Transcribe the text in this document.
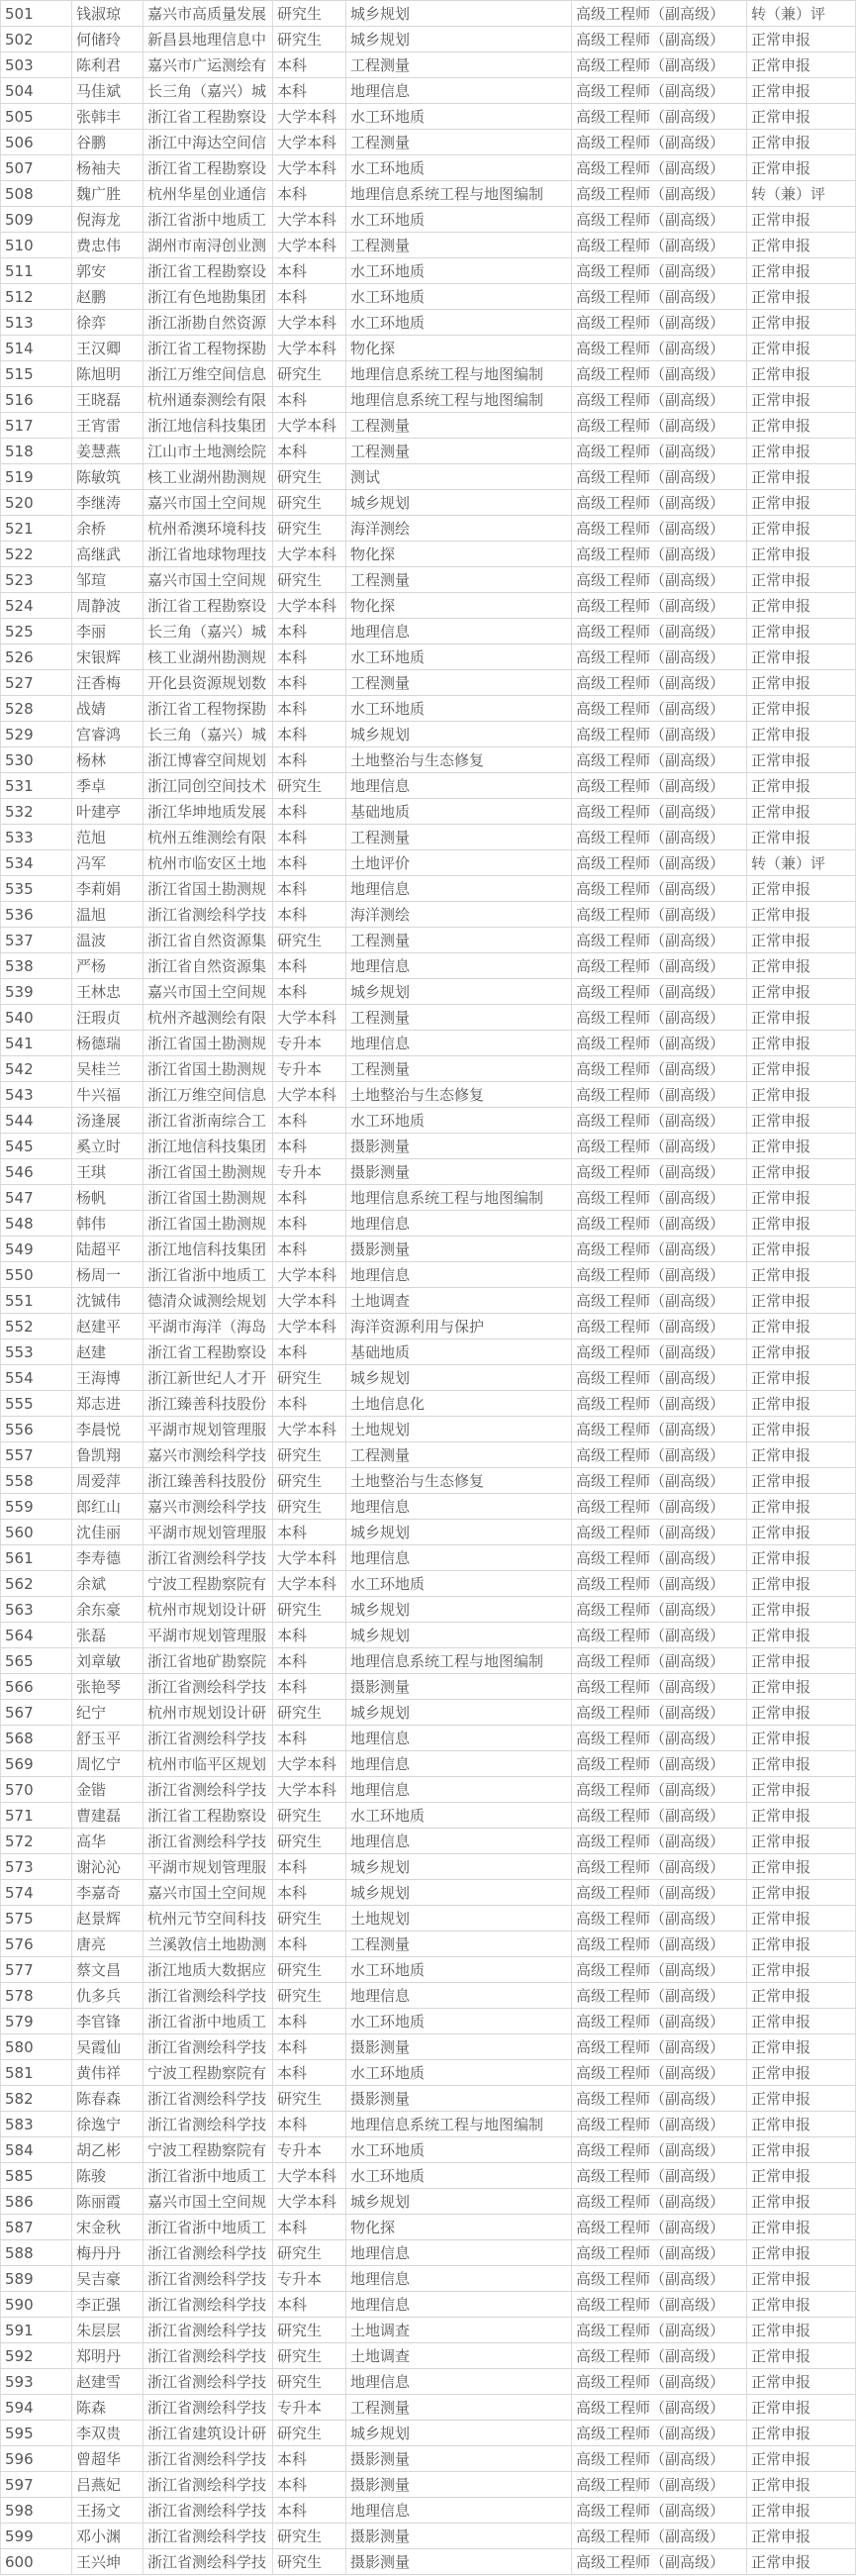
501	钱淑琼	嘉兴市高质量发展	研究生	城乡规划	高级工程师（副高级）	转（兼）评
502	何储玲	新昌县地理信息中	研究生	城乡规划	高级工程师（副高级）	正常申报
503	陈利君	嘉兴市广运测绘有	本科	工程测量	高级工程师（副高级）	正常申报
504	马佳斌	长三角（嘉兴）城	本科	地理信息	高级工程师（副高级）	正常申报
505	张韩丰	浙江省工程勘察设	大学本科	水工环地质	高级工程师（副高级）	正常申报
506	谷鹏	浙江中海达空间信	大学本科	工程测量	高级工程师（副高级）	正常申报
507	杨袖夫	浙江省工程勘察设	大学本科	水工环地质	高级工程师（副高级）	正常申报
508	魏广胜	杭州华星创业通信	本科	地理信息系统工程与地图编制	高级工程师（副高级）	转（兼）评
509	倪海龙	浙江省浙中地质工	大学本科	水工环地质	高级工程师（副高级）	正常申报
510	费忠伟	湖州市南浔创业测	大学本科	工程测量	高级工程师（副高级）	正常申报
511	郭安	浙江省工程勘察设	本科	水工环地质	高级工程师（副高级）	正常申报
512	赵鹏	浙江有色地勘集团	本科	水工环地质	高级工程师（副高级）	正常申报
513	徐弈	浙江浙勘自然资源	大学本科	水工环地质	高级工程师（副高级）	正常申报
514	王汉卿	浙江省工程物探勘	大学本科	物化探	高级工程师（副高级）	正常申报
515	陈旭明	浙江万维空间信息	研究生	地理信息系统工程与地图编制	高级工程师（副高级）	正常申报
516	王晓磊	杭州通泰测绘有限	本科	地理信息系统工程与地图编制	高级工程师（副高级）	正常申报
517	王宵雷	浙江地信科技集团	大学本科	工程测量	高级工程师（副高级）	正常申报
518	姜慧燕	江山市土地测绘院	本科	工程测量	高级工程师（副高级）	正常申报
519	陈敏筑	核工业湖州勘测规	研究生	测试	高级工程师（副高级）	正常申报
520	李继涛	嘉兴市国土空间规	研究生	城乡规划	高级工程师（副高级）	正常申报
521	余桥	杭州希澳环境科技	研究生	海洋测绘	高级工程师（副高级）	正常申报
522	高继武	浙江省地球物理技	大学本科	物化探	高级工程师（副高级）	正常申报
523	邹瑄	嘉兴市国土空间规	研究生	工程测量	高级工程师（副高级）	正常申报
524	周静波	浙江省工程勘察设	大学本科	物化探	高级工程师（副高级）	正常申报
525	李丽	长三角（嘉兴）城	本科	地理信息	高级工程师（副高级）	正常申报
526	宋银辉	核工业湖州勘测规	本科	水工环地质	高级工程师（副高级）	正常申报
527	汪香梅	开化县资源规划数	本科	工程测量	高级工程师（副高级）	正常申报
528	战婧	浙江省工程物探勘	本科	水工环地质	高级工程师（副高级）	正常申报
529	宫睿鸿	长三角（嘉兴）城	本科	城乡规划	高级工程师（副高级）	正常申报
530	杨林	浙江博睿空间规划	本科	土地整治与生态修复	高级工程师（副高级）	正常申报
531	季卓	浙江同创空间技术	研究生	地理信息	高级工程师（副高级）	正常申报
532	叶建亭	浙江华坤地质发展	本科	基础地质	高级工程师（副高级）	正常申报
533	范旭	杭州五维测绘有限	本科	工程测量	高级工程师（副高级）	正常申报
534	冯军	杭州市临安区土地	本科	土地评价	高级工程师（副高级）	转（兼）评
535	李莉娟	浙江省国土勘测规	本科	地理信息	高级工程师（副高级）	正常申报
536	温旭	浙江省测绘科学技	本科	海洋测绘	高级工程师（副高级）	正常申报
537	温波	浙江省自然资源集	研究生	工程测量	高级工程师（副高级）	正常申报
538	严杨	浙江省自然资源集	本科	地理信息	高级工程师（副高级）	正常申报
539	王林忠	嘉兴市国土空间规	本科	城乡规划	高级工程师（副高级）	正常申报
540	汪瑕贞	杭州齐越测绘有限	大学本科	工程测量	高级工程师（副高级）	正常申报
541	杨德瑞	浙江省国土勘测规	专升本	地理信息	高级工程师（副高级）	正常申报
542	吴桂兰	浙江省国土勘测规	专升本	工程测量	高级工程师（副高级）	正常申报
543	牛兴福	浙江万维空间信息	大学本科	土地整治与生态修复	高级工程师（副高级）	正常申报
544	汤逢展	浙江省浙南综合工	本科	水工环地质	高级工程师（副高级）	正常申报
545	奚立时	浙江地信科技集团	本科	摄影测量	高级工程师（副高级）	正常申报
546	王琪	浙江省国土勘测规	专升本	摄影测量	高级工程师（副高级）	正常申报
547	杨帆	浙江省国土勘测规	本科	地理信息系统工程与地图编制	高级工程师（副高级）	正常申报
548	韩伟	浙江省国土勘测规	本科	地理信息	高级工程师（副高级）	正常申报
549	陆超平	浙江地信科技集团	本科	摄影测量	高级工程师（副高级）	正常申报
550	杨周一	浙江省浙中地质工	大学本科	地理信息	高级工程师（副高级）	正常申报
551	沈铖伟	德清众诚测绘规划	大学本科	土地调查	高级工程师（副高级）	正常申报
552	赵建平	平湖市海洋（海岛	大学本科	海洋资源利用与保护	高级工程师（副高级）	正常申报
553	赵建	浙江省工程勘察设	本科	基础地质	高级工程师（副高级）	正常申报
554	王海博	浙江新世纪人才开	研究生	城乡规划	高级工程师（副高级）	正常申报
555	郑志进	浙江臻善科技股份	本科	土地信息化	高级工程师（副高级）	正常申报
556	李晨悦	平湖市规划管理服	大学本科	土地规划	高级工程师（副高级）	正常申报
557	鲁凯翔	嘉兴市测绘科学技	研究生	工程测量	高级工程师（副高级）	正常申报
558	周爱萍	浙江臻善科技股份	研究生	土地整治与生态修复	高级工程师（副高级）	正常申报
559	郎红山	嘉兴市测绘科学技	研究生	地理信息	高级工程师（副高级）	正常申报
560	沈佳丽	平湖市规划管理服	本科	城乡规划	高级工程师（副高级）	正常申报
561	李寿德	浙江省测绘科学技	大学本科	地理信息	高级工程师（副高级）	正常申报
562	余斌	宁波工程勘察院有	大学本科	水工环地质	高级工程师（副高级）	正常申报
563	余东豪	杭州市规划设计研	研究生	城乡规划	高级工程师（副高级）	正常申报
564	张磊	平湖市规划管理服	本科	城乡规划	高级工程师（副高级）	正常申报
565	刘章敏	浙江省地矿勘察院	本科	地理信息系统工程与地图编制	高级工程师（副高级）	正常申报
566	张艳琴	浙江省测绘科学技	本科	摄影测量	高级工程师（副高级）	正常申报
567	纪宁	杭州市规划设计研	研究生	城乡规划	高级工程师（副高级）	正常申报
568	舒玉平	浙江省测绘科学技	本科	地理信息	高级工程师（副高级）	正常申报
569	周忆宁	杭州市临平区规划	大学本科	地理信息	高级工程师（副高级）	正常申报
570	金锴	浙江省测绘科学技	大学本科	地理信息	高级工程师（副高级）	正常申报
571	曹建磊	浙江省工程勘察设	研究生	水工环地质	高级工程师（副高级）	正常申报
572	高华	浙江省测绘科学技	研究生	地理信息	高级工程师（副高级）	正常申报
573	谢沁沁	平湖市规划管理服	本科	城乡规划	高级工程师（副高级）	正常申报
574	李嘉奇	嘉兴市国土空间规	本科	城乡规划	高级工程师（副高级）	正常申报
575	赵景辉	杭州元节空间科技	研究生	土地规划	高级工程师（副高级）	正常申报
576	唐亮	兰溪敦信土地勘测	本科	工程测量	高级工程师（副高级）	正常申报
577	蔡文昌	浙江地质大数据应	研究生	水工环地质	高级工程师（副高级）	正常申报
578	仇多兵	浙江省测绘科学技	研究生	地理信息	高级工程师（副高级）	正常申报
579	李官锋	浙江省浙中地质工	本科	水工环地质	高级工程师（副高级）	正常申报
580	吴霞仙	浙江省测绘科学技	本科	摄影测量	高级工程师（副高级）	正常申报
581	黄伟祥	宁波工程勘察院有	本科	水工环地质	高级工程师（副高级）	正常申报
582	陈春森	浙江省测绘科学技	研究生	摄影测量	高级工程师（副高级）	正常申报
583	徐逸宁	浙江省测绘科学技	本科	地理信息系统工程与地图编制	高级工程师（副高级）	正常申报
584	胡乙彬	宁波工程勘察院有	专升本	水工环地质	高级工程师（副高级）	正常申报
585	陈骏	浙江省浙中地质工	大学本科	水工环地质	高级工程师（副高级）	正常申报
586	陈丽霞	嘉兴市国土空间规	大学本科	城乡规划	高级工程师（副高级）	正常申报
587	宋金秋	浙江省浙中地质工	本科	物化探	高级工程师（副高级）	正常申报
588	梅丹丹	浙江省测绘科学技	研究生	地理信息	高级工程师（副高级）	正常申报
589	吴吉豪	浙江省测绘科学技	专升本	地理信息	高级工程师（副高级）	正常申报
590	李正强	浙江省测绘科学技	本科	地理信息	高级工程师（副高级）	正常申报
591	朱层层	浙江省测绘科学技	研究生	土地调查	高级工程师（副高级）	正常申报
592	郑明丹	浙江省测绘科学技	研究生	土地调查	高级工程师（副高级）	正常申报
593	赵建雪	浙江省测绘科学技	研究生	地理信息	高级工程师（副高级）	正常申报
594	陈森	浙江省测绘科学技	专升本	工程测量	高级工程师（副高级）	正常申报
595	李双贵	浙江省建筑设计研	研究生	城乡规划	高级工程师（副高级）	正常申报
596	曾超华	浙江省测绘科学技	本科	摄影测量	高级工程师（副高级）	正常申报
597	吕燕妃	浙江省测绘科学技	本科	摄影测量	高级工程师（副高级）	正常申报
598	王扬文	浙江省测绘科学技	本科	地理信息	高级工程师（副高级）	正常申报
599	邓小渊	浙江省测绘科学技	研究生	摄影测量	高级工程师（副高级）	正常申报
600	王兴坤	浙江省测绘科学技	研究生	摄影测量	高级工程师（副高级）	正常申报
